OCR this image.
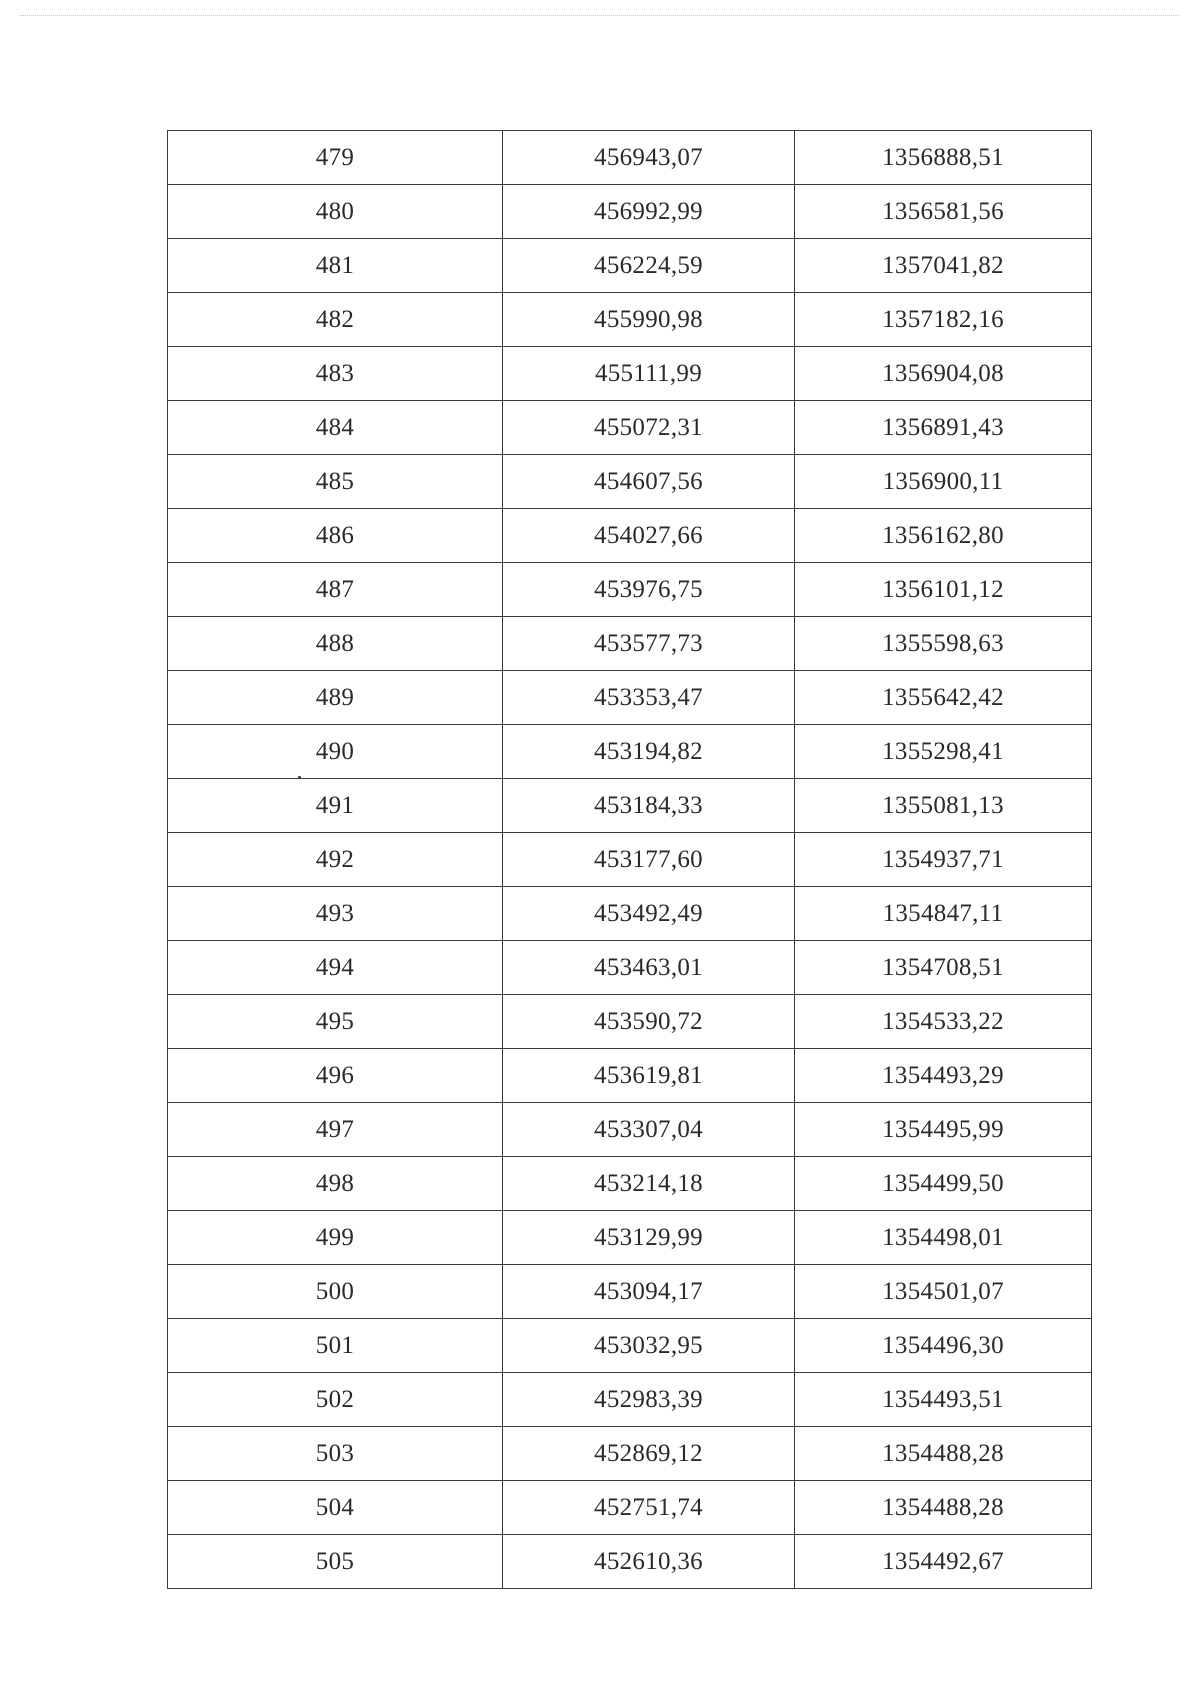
479	456943,07	1356888,51
480	456992,99	1356581,56
481	456224,59	1357041,82
482	455990,98	1357182,16
483	455111,99	1356904,08
484	455072,31	1356891,43
485	454607,56	1356900,11
486	454027,66	1356162,80
487	453976,75	1356101,12
488	453577,73	1355598,63
489	453353,47	1355642,42
490	453194,82	1355298,41
491	453184,33	1355081,13
492	453177,60	1354937,71
493	453492,49	1354847,11
494	453463,01	1354708,51
495	453590,72	1354533,22
496	453619,81	1354493,29
497	453307,04	1354495,99
498	453214,18	1354499,50
499	453129,99	1354498,01
500	453094,17	1354501,07
501	453032,95	1354496,30
502	452983,39	1354493,51
503	452869,12	1354488,28
504	452751,74	1354488,28
505	452610,36	1354492,67
